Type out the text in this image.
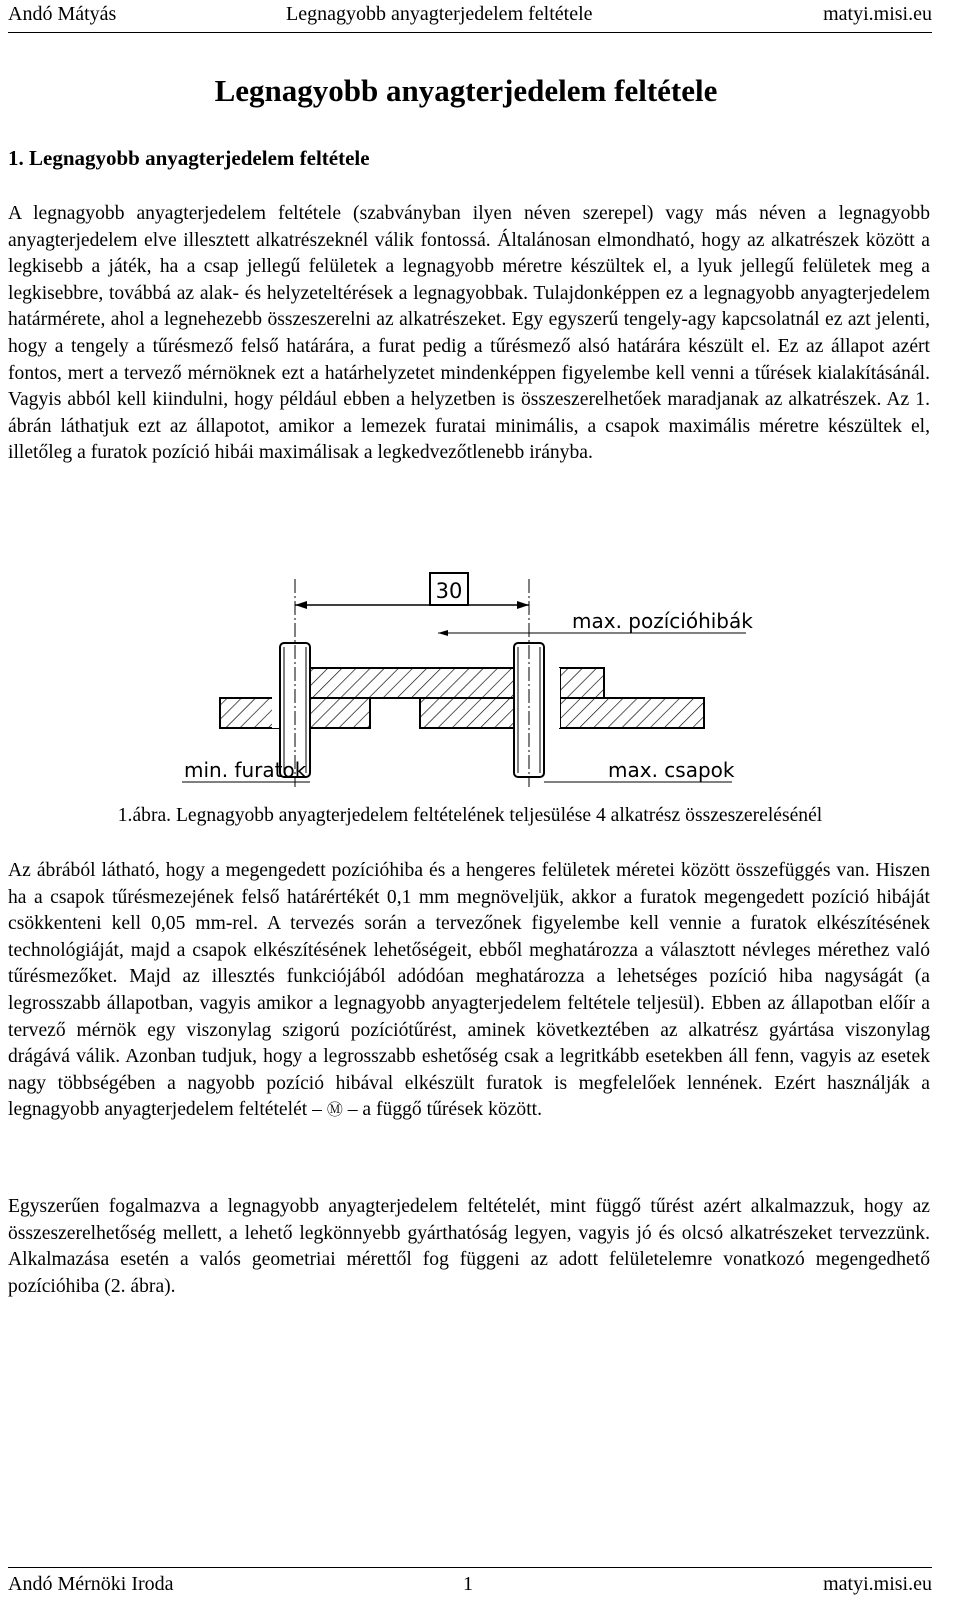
Andó Mátyás	Legnagyobb anyagterjedelem feltétele	matyi.misi.eu
Legnagyobb anyagterjedelem feltétele
1. Legnagyobb anyagterjedelem feltétele

A legnagyobb anyagterjedelem feltétele (szabványban ilyen néven szerepel) vagy más néven a legnagyobb anyagterjedelem elve illesztett alkatrészeknél válik fontossá. Általánosan elmondható, hogy az alkatrészek között a legkisebb a játék, ha a csap jellegű felületek a legnagyobb méretre készültek el, a lyuk jellegű felületek meg a legkisebbre, továbbá az alak- és helyzeteltérések a legnagyobbak. Tulajdonképpen ez a legnagyobb anyagterjedelem határmérete, ahol a legnehezebb összeszerelni az alkatrészeket. Egy egyszerű tengely-agy kapcsolatnál ez azt jelenti, hogy a tengely a tűrésmező felső határára, a furat pedig a tűrésmező alsó határára készült el. Ez az állapot azért fontos, mert a tervező mérnöknek ezt a határhelyzetet mindenképpen figyelembe kell venni a tűrések kialakításánál. Vagyis abból kell kiindulni, hogy például ebben a helyzetben is összeszerelhetőek maradjanak az alkatrészek. Az 1. ábrán láthatjuk ezt az állapotot, amikor a lemezek furatai minimális, a csapok maximális méretre készültek el, illetőleg a furatok pozíció hibái maximálisak a legkedvezőtlenebb irányba.

30
max. pozícióhibák
min. furatok	max. csapok
1.ábra. Legnagyobb anyagterjedelem feltételének teljesülése 4 alkatrész összeszerelésénél

Az ábrából látható, hogy a megengedett pozícióhiba és a hengeres felületek méretei között összefüggés van. Hiszen ha a csapok tűrésmezejének felső határértékét 0,1 mm megnöveljük, akkor a furatok megengedett pozíció hibáját csökkenteni kell 0,05 mm-rel. A tervezés során a tervezőnek figyelembe kell vennie a furatok elkészítésének technológiáját, majd a csapok elkészítésének lehetőségeit, ebből meghatározza a választott névleges mérethez való tűrésmezőket. Majd az illesztés funkciójából adódóan meghatározza a lehetséges pozíció hiba nagyságát (a legrosszabb állapotban, vagyis amikor a legnagyobb anyagterjedelem feltétele teljesül). Ebben az állapotban előír a tervező mérnök egy viszonylag szigorú pozíciótűrést, aminek következtében az alkatrész gyártása viszonylag drágává válik. Azonban tudjuk, hogy a legrosszabb eshetőség csak a legritkább esetekben áll fenn, vagyis az esetek nagy többségében a nagyobb pozíció hibával elkészült furatok is megfelelőek lennének. Ezért használják a legnagyobb anyagterjedelem feltételét – Ⓜ – a függő tűrések között.

Egyszerűen fogalmazva a legnagyobb anyagterjedelem feltételét, mint függő tűrést azért alkalmazzuk, hogy az összeszerelhetőség mellett, a lehető legkönnyebb gyárthatóság legyen, vagyis jó és olcsó alkatrészeket tervezzünk. Alkalmazása esetén a valós geometriai mérettől fog függeni az adott felületelemre vonatkozó megengedhető pozícióhiba (2. ábra).

Andó Mérnöki Iroda	1	matyi.misi.eu
